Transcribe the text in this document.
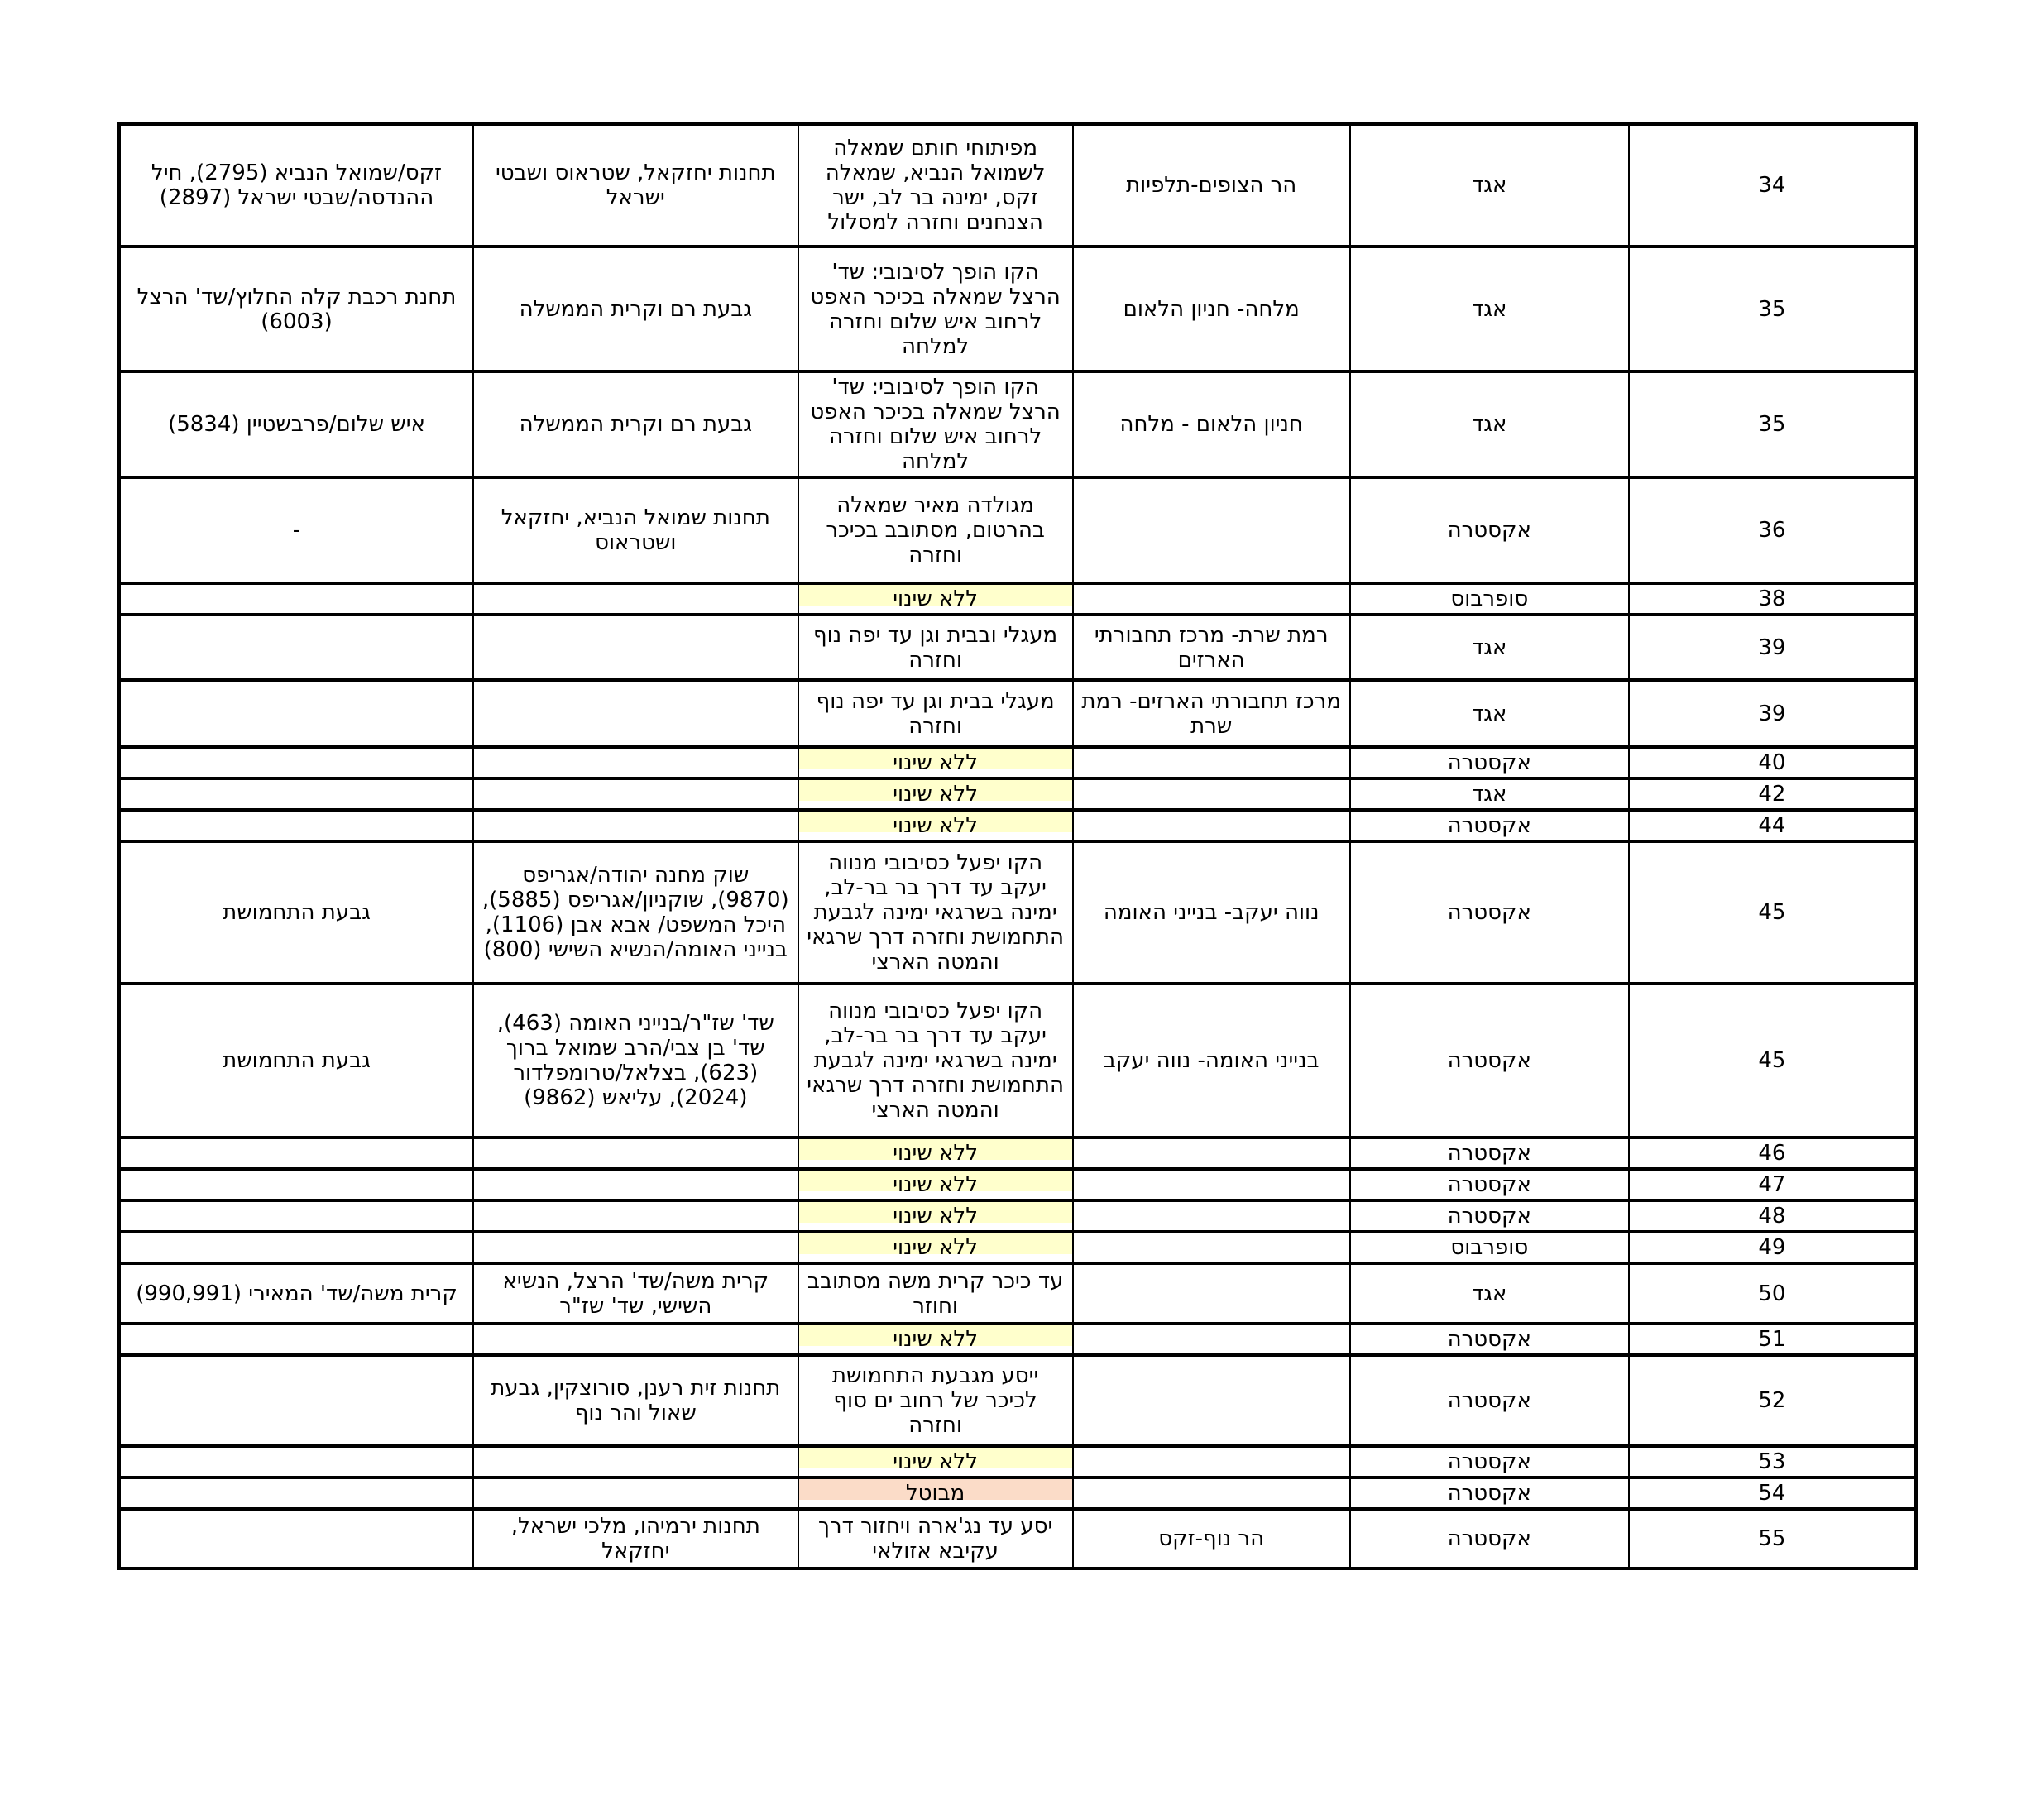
34	אגד	הר הצופים-תלפיות	מפיתוחי חותם שמאלה לשמואל הנביא, שמאלה זקס, ימינה בר לב, ישר הצנחנים וחזרה למסלול	תחנות יחזקאל, שטראוס ושבטי ישראל	זקס/שמואל הנביא (2795), חיל ההנדסה/שבטי ישראל (2897)
35	אגד	מלחה- חניון הלאום	הקו הופך לסיבובי: שד' הרצל שמאלה בכיכר האפט לרחוב איש שלום וחזרה למלחה	גבעת רם וקרית הממשלה	תחנת רכבת קלה החלוץ/שד' הרצל (6003)
35	אגד	חניון הלאום - מלחה	הקו הופך לסיבובי: שד' הרצל שמאלה בכיכר האפט לרחוב איש שלום וחזרה למלחה	גבעת רם וקרית הממשלה	איש שלום/פרבשטיין (5834)
36	אקסטרה		מגולדה מאיר שמאלה בהרטום, מסתובב בכיכר וחזרה	תחנות שמואל הנביא, יחזקאל ושטראוס	-
38	סופרבוס		ללא שינוי		
39	אגד	רמת שרת- מרכז תחבורתי הארזים	מעגלי ובבית וגן עד יפה נוף וחזרה		
39	אגד	מרכז תחבורתי הארזים- רמת שרת	מעגלי בבית וגן עד יפה נוף וחזרה		
40	אקסטרה		ללא שינוי		
42	אגד		ללא שינוי		
44	אקסטרה		ללא שינוי		
45	אקסטרה	נווה יעקב- בנייני האומה	הקו יפעל כסיבובי מנווה יעקב עד דרך בר בר-לב, ימינה בשרגאי ימינה לגבעת התחמושת וחזרה דרך שרגאי והמטה הארצי	שוק מחנה יהודה/אגריפס (9870), שוקניון/אגריפס (5885), היכל המשפט/ אבא אבן (1106), בנייני האומה/הנשיא השישי (800)	גבעת התחמושת
45	אקסטרה	בנייני האומה- נווה יעקב	הקו יפעל כסיבובי מנווה יעקב עד דרך בר בר-לב, ימינה בשרגאי ימינה לגבעת התחמושת וחזרה דרך שרגאי והמטה הארצי	שד' שז"ר/בנייני האומה (463), שד' בן צבי/הרב שמואל ברוך (623), בצלאל/טרומפלדור (2024), עליאש (9862)	גבעת התחמושת
46	אקסטרה		ללא שינוי		
47	אקסטרה		ללא שינוי		
48	אקסטרה		ללא שינוי		
49	סופרבוס		ללא שינוי		
50	אגד		עד כיכר קרית משה מסתובב וחוזר	קרית משה/שד' הרצל, הנשיא השישי, שד' שז"ר	קרית משה/שד' המאירי (990,991)
51	אקסטרה		ללא שינוי		
52	אקסטרה		ייסע מגבעת התחמושת לכיכר של רחוב ים סוף וחזרה	תחנות זית רענן, סורוצקין, גבעת שאול והר נוף	
53	אקסטרה		ללא שינוי		
54	אקסטרה		מבוטל		
55	אקסטרה	הר נוף-זקס	יסע עד נג'ארה ויחזור דרך עקיבא אזולאי	תחנות ירמיהו, מלכי ישראל, יחזקאל	
